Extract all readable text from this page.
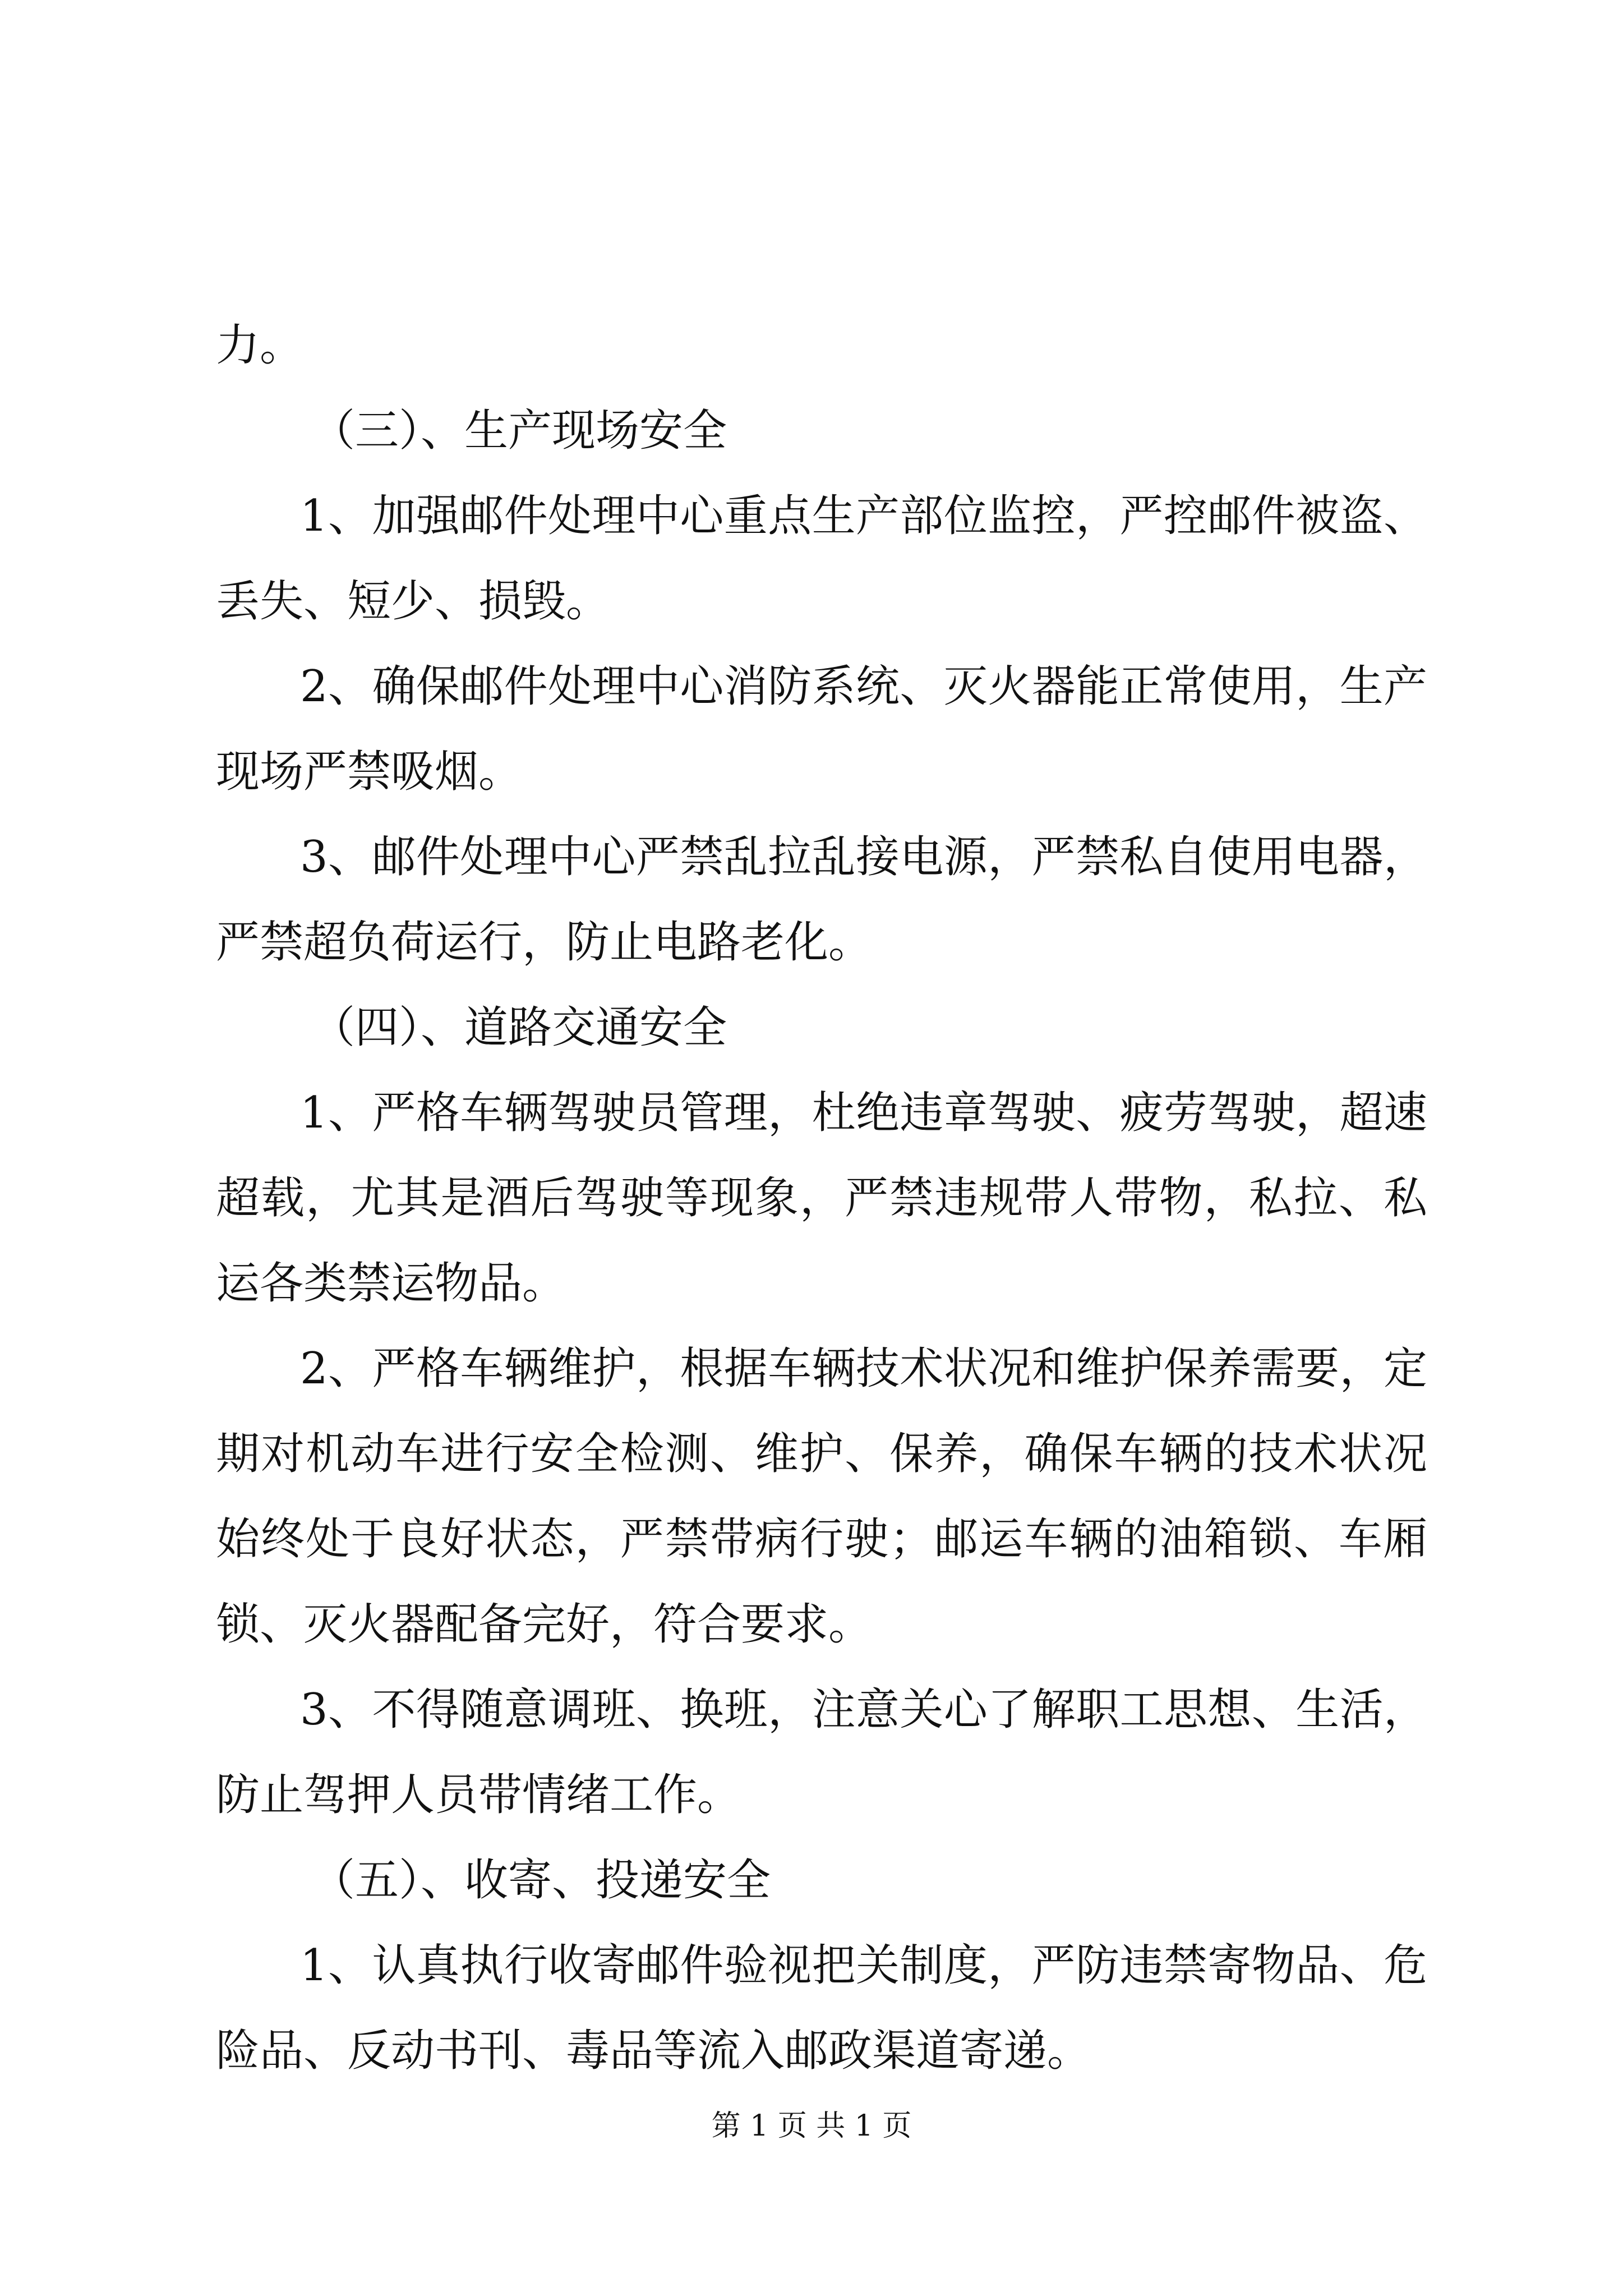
力。

（三）、生产现场安全

1、加强邮件处理中心重点生产部位监控，严控邮件被盗、丢失、短少、损毁。

2、确保邮件处理中心消防系统、灭火器能正常使用，生产现场严禁吸烟。

3、邮件处理中心严禁乱拉乱接电源，严禁私自使用电器，严禁超负荷运行，防止电路老化。

（四）、道路交通安全

1、严格车辆驾驶员管理，杜绝违章驾驶、疲劳驾驶，超速超载，尤其是酒后驾驶等现象，严禁违规带人带物，私拉、私运各类禁运物品。

2、严格车辆维护，根据车辆技术状况和维护保养需要，定期对机动车进行安全检测、维护、保养，确保车辆的技术状况始终处于良好状态，严禁带病行驶；邮运车辆的油箱锁、车厢锁、灭火器配备完好，符合要求。

3、不得随意调班、换班，注意关心了解职工思想、生活，防止驾押人员带情绪工作。

（五）、收寄、投递安全

1、认真执行收寄邮件验视把关制度，严防违禁寄物品、危险品、反动书刊、毒品等流入邮政渠道寄递。

第 1 页 共 1 页
